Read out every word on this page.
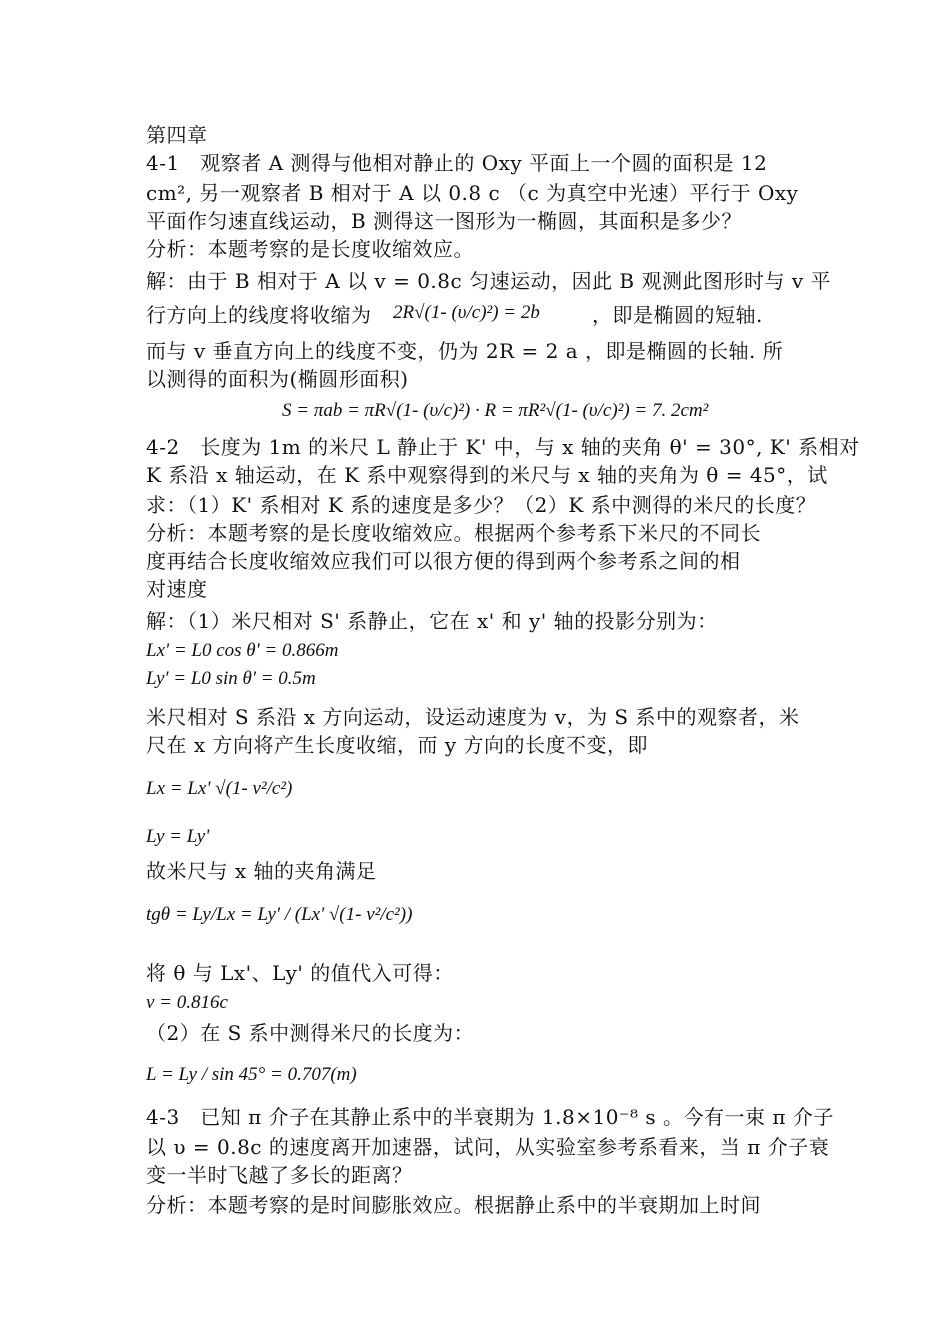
第四章
4-1　观察者 A 测得与他相对静止的 Oxy 平面上一个圆的面积是 12
cm², 另一观察者 B 相对于 A 以 0.8 c （c 为真空中光速）平行于 Oxy
平面作匀速直线运动，B 测得这一图形为一椭圆，其面积是多少？
分析：本题考察的是长度收缩效应。
解：由于 B 相对于 A 以 v = 0.8c 匀速运动，因此 B 观测此图形时与 v 平
行方向上的线度将收缩为 2R√(1- (υ/c)²) = 2b	，即是椭圆的短轴.
而与 v 垂直方向上的线度不变，仍为 2R = 2 a ，即是椭圆的长轴. 所
以测得的面积为(椭圆形面积)
S = πab = πR√(1- (υ/c)²) · R = πR²√(1- (υ/c)²) = 7. 2cm²
4-2　长度为 1m 的米尺 L 静止于 K' 中，与 x 轴的夹角 θ' = 30°, K' 系相对
K 系沿 x 轴运动，在 K 系中观察得到的米尺与 x 轴的夹角为 θ = 45°，试
求：（1）K' 系相对 K 系的速度是多少？（2）K 系中测得的米尺的长度？
分析：本题考察的是长度收缩效应。根据两个参考系下米尺的不同长
度再结合长度收缩效应我们可以很方便的得到两个参考系之间的相
对速度
解：（1）米尺相对 S' 系静止，它在 x' 和 y' 轴的投影分别为：
Lx' = L0 cos θ' = 0.866m
Ly' = L0 sin θ' = 0.5m
米尺相对 S 系沿 x 方向运动，设运动速度为 v，为 S 系中的观察者，米
尺在 x 方向将产生长度收缩，而 y 方向的长度不变，即
Lx = Lx' √(1- v²/c²)
Ly = Ly'
故米尺与 x 轴的夹角满足
tgθ = Ly/Lx = Ly' / (Lx' √(1- v²/c²))
将 θ 与 Lx'、Ly' 的值代入可得：
v = 0.816c
（2）在 S 系中测得米尺的长度为：
L = Ly / sin 45° = 0.707(m)
4-3　已知 π 介子在其静止系中的半衰期为 1.8×10⁻⁸ s 。今有一束 π 介子
以 υ = 0.8c 的速度离开加速器，试问，从实验室参考系看来，当 π 介子衰
变一半时飞越了多长的距离？
分析：本题考察的是时间膨胀效应。根据静止系中的半衰期加上时间
